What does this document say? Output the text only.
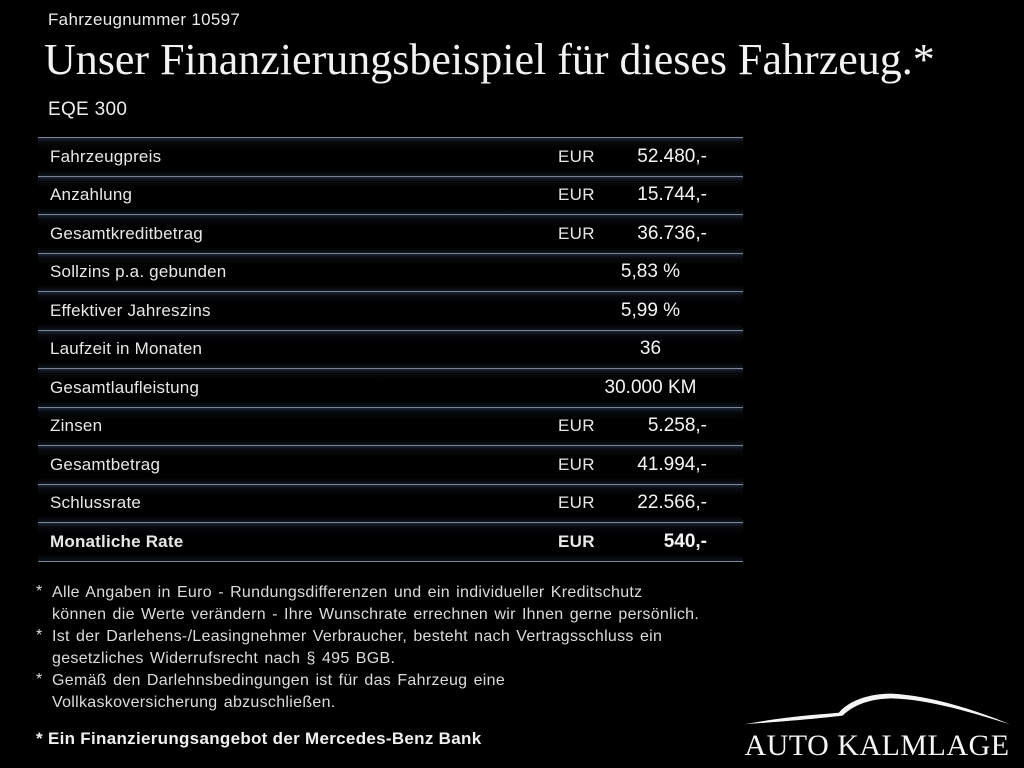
Fahrzeugnummer 10597
Unser Finanzierungsbeispiel für dieses Fahrzeug.*
EQE 300
Fahrzeugpreis	EUR 52.480,-
Anzahlung	EUR 15.744,-
Gesamtkreditbetrag	EUR 36.736,-
Sollzins p.a. gebunden	5,83 %
Effektiver Jahreszins	5,99 %
Laufzeit in Monaten	36
Gesamtlaufleistung	30.000 KM
Zinsen	EUR	5.258,-
Gesamtbetrag	EUR 41.994,-
Schlussrate	EUR 22.566,-
Monatliche Rate	EUR	540,-
* Alle Angaben in Euro - Rundungsdifferenzen und ein individueller Kreditschutz
können die Werte verändern - Ihre Wunschrate errechnen wir Ihnen gerne persönlich.
* Ist der Darlehens-/Leasingnehmer Verbraucher, besteht nach Vertragsschluss ein
gesetzliches Widerrufsrecht nach § 495 BGB.
* Gemäß den Darlehnsbedingungen ist für das Fahrzeug eine
Vollkaskoversicherung abzuschließen.
* Ein Finanzierungsangebot der Mercedes-Benz Bank	AUTO KALMLAGE
